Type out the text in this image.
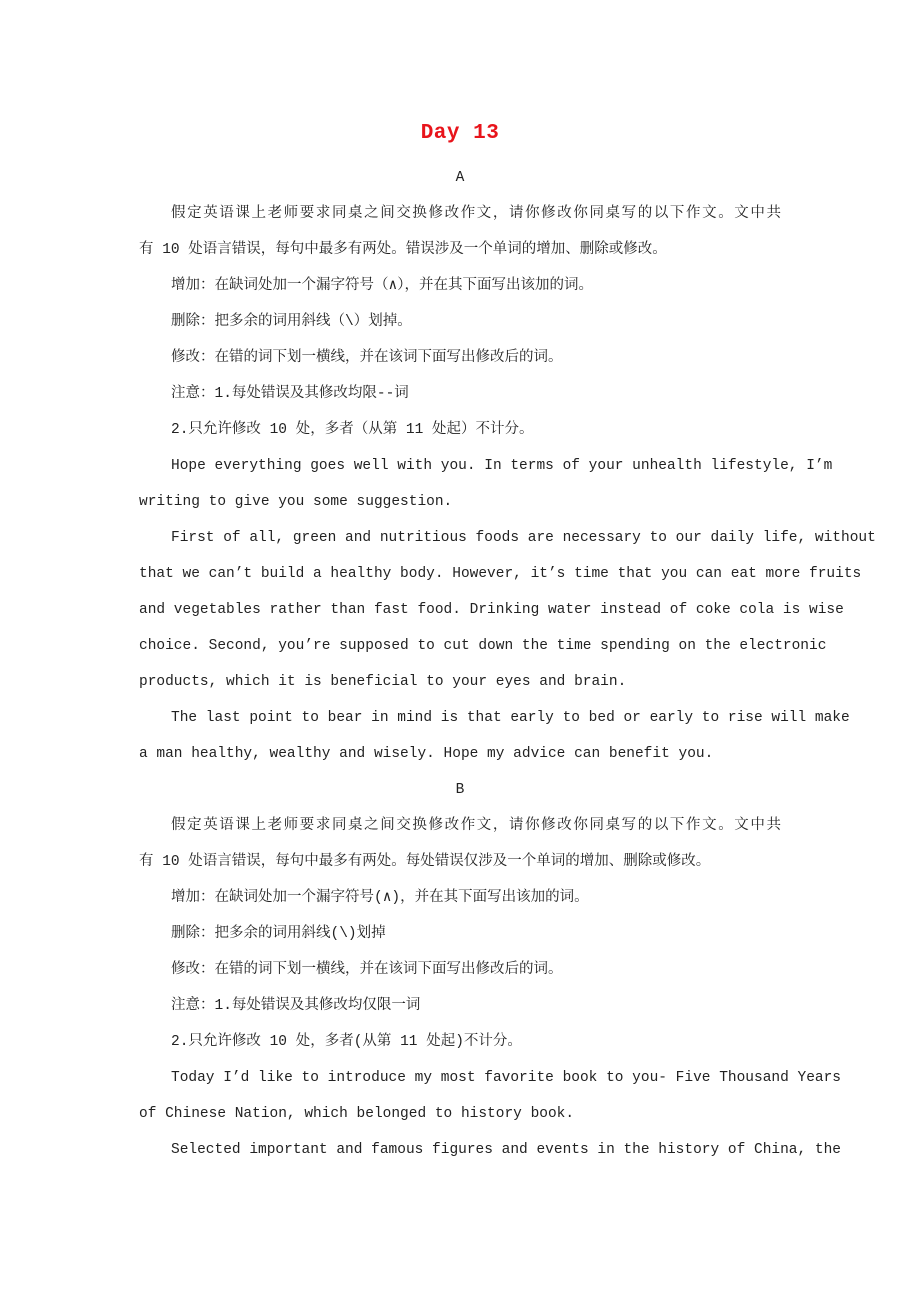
Day 13
A
假定英语课上老师要求同桌之间交换修改作文，请你修改你同桌写的以下作文。文中共
有 10 处语言错误，每句中最多有两处。错误涉及一个单词的增加、删除或修改。
增加：在缺词处加一个漏字符号（∧），并在其下面写出该加的词。
删除：把多余的词用斜线（\）划掉。
修改：在错的词下划一横线，并在该词下面写出修改后的词。
注意：1.每处错误及其修改均限--词
2.只允许修改 10 处，多者（从第 11 处起）不计分。
Hope everything goes well with you. In terms of your unhealth lifestyle, I’m
writing to give you some suggestion.
First of all, green and nutritious foods are necessary to our daily life, without
that we can’t build a healthy body. However, it’s time that you can eat more fruits
and vegetables rather than fast food. Drinking water instead of coke cola is wise
choice. Second, you’re supposed to cut down the time spending on the electronic
products, which it is beneficial to your eyes and brain.
The last point to bear in mind is that early to bed or early to rise will make
a man healthy, wealthy and wisely. Hope my advice can benefit you.
B
假定英语课上老师要求同桌之间交换修改作文，请你修改你同桌写的以下作文。文中共
有 10 处语言错误，每句中最多有两处。每处错误仅涉及一个单词的增加、删除或修改。
增加：在缺词处加一个漏字符号(∧)，并在其下面写出该加的词。
删除：把多余的词用斜线(\)划掉
修改：在错的词下划一横线，并在该词下面写出修改后的词。
注意：1.每处错误及其修改均仅限一词
2.只允许修改 10 处，多者(从第 11 处起)不计分。
Today I’d like to introduce my most favorite book to you- Five Thousand Years
of Chinese Nation, which belonged to history book.
Selected important and famous figures and events in the history of China, the
